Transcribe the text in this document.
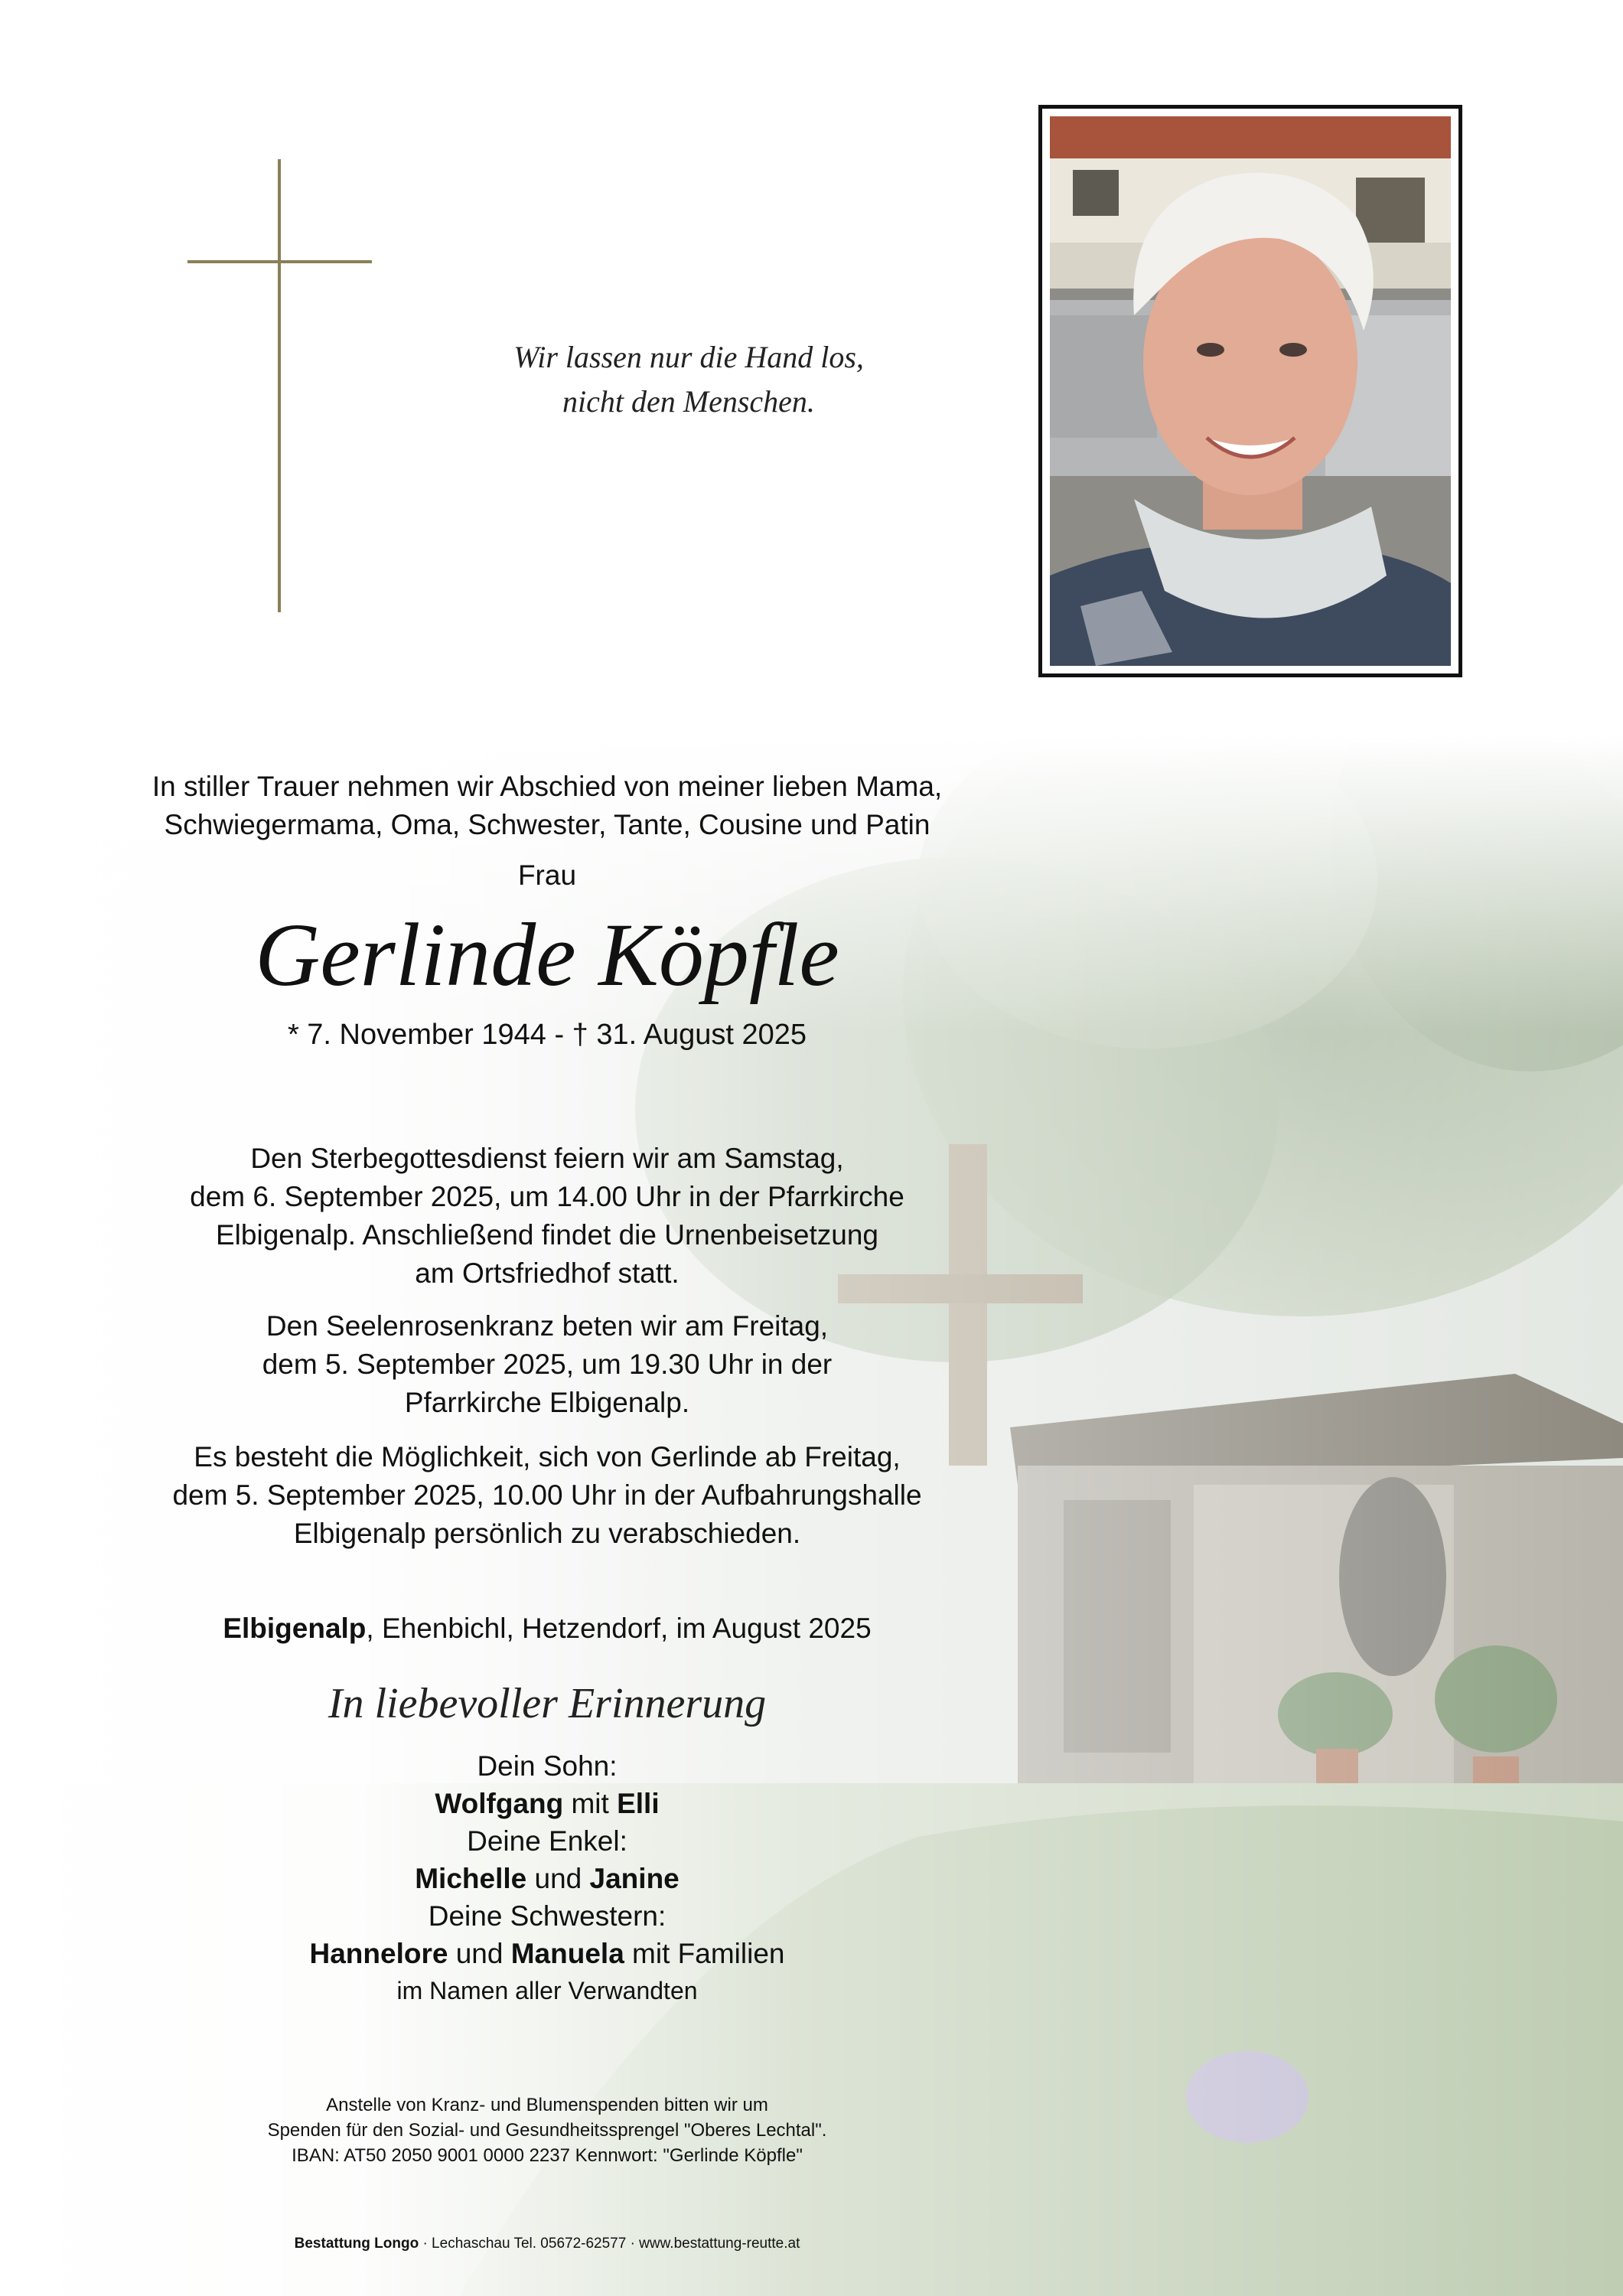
Wir lassen nur die Hand los,
nicht den Menschen.
In stiller Trauer nehmen wir Abschied von meiner lieben Mama,
Schwiegermama, Oma, Schwester, Tante, Cousine und Patin
Frau
Gerlinde Köpfle
* 7. November 1944 - † 31. August 2025
Den Sterbegottesdienst feiern wir am Samstag,
dem 6. September 2025, um 14.00 Uhr in der Pfarrkirche
Elbigenalp. Anschließend findet die Urnenbeisetzung
am Ortsfriedhof statt.
Den Seelenrosenkranz beten wir am Freitag,
dem 5. September 2025, um 19.30 Uhr in der
Pfarrkirche Elbigenalp.
Es besteht die Möglichkeit, sich von Gerlinde ab Freitag,
dem 5. September 2025, 10.00 Uhr in der Aufbahrungshalle
Elbigenalp persönlich zu verabschieden.
Elbigenalp, Ehenbichl, Hetzendorf, im August 2025
In liebevoller Erinnerung
Dein Sohn:
Wolfgang mit Elli
Deine Enkel:
Michelle und Janine
Deine Schwestern:
Hannelore und Manuela mit Familien
im Namen aller Verwandten
Anstelle von Kranz- und Blumenspenden bitten wir um
Spenden für den Sozial- und Gesundheitssprengel "Oberes Lechtal".
IBAN: AT50 2050 9001 0000 2237 Kennwort: "Gerlinde Köpfle"
Bestattung Longo · Lechaschau Tel. 05672-62577 · www.bestattung-reutte.at
